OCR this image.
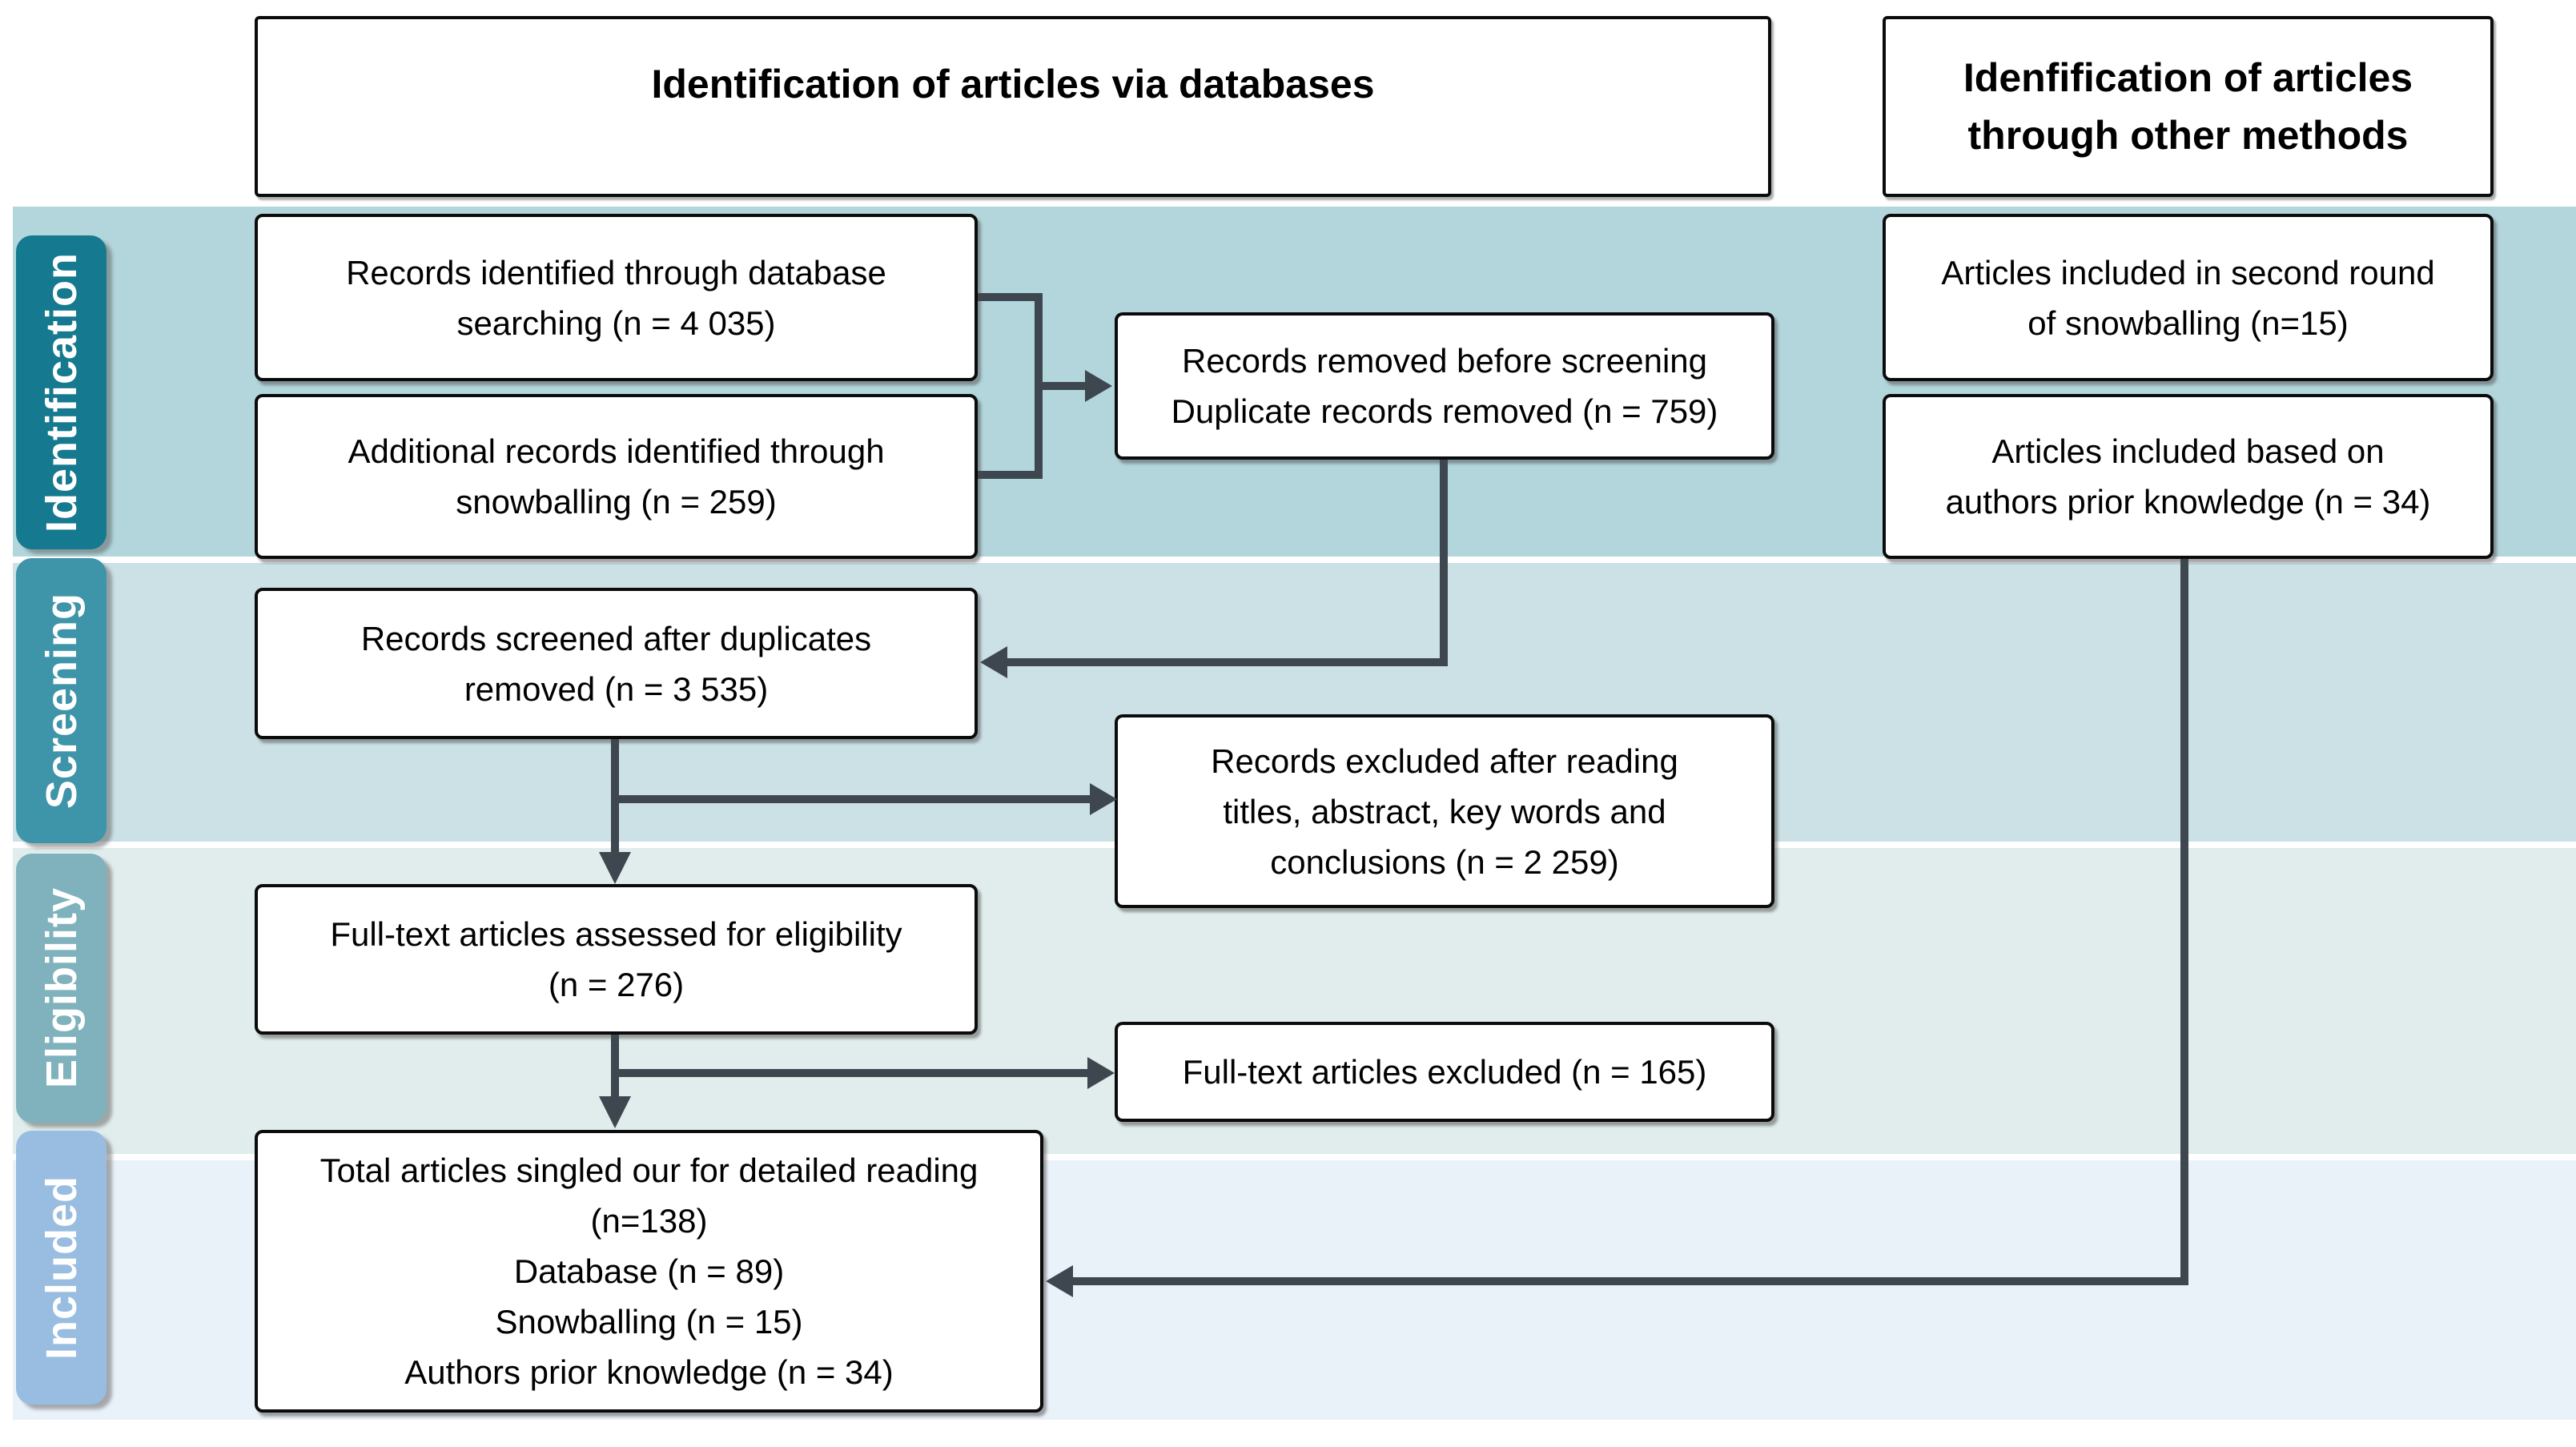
Identification
Screening
Eligibility
Included
Identification of articles via databases	Idenfification of articles
through other methods
Records identified through database
searching (n = 4 035)
Additional records identified through
snowballing (n = 259)
Records screened after duplicates
removed (n = 3 535)
Full-text articles assessed for eligibility
(n = 276)
Total articles singled our for detailed reading
(n=138)
Database (n = 89)
Snowballing (n = 15)
Authors prior knowledge (n = 34)
Records removed before screening
Duplicate records removed (n = 759)
Records excluded after reading
titles, abstract, key words and
conclusions (n = 2 259)
Full-text articles excluded (n = 165)
Articles included in second round
of snowballing (n=15)
Articles included based on
authors prior knowledge (n = 34)
